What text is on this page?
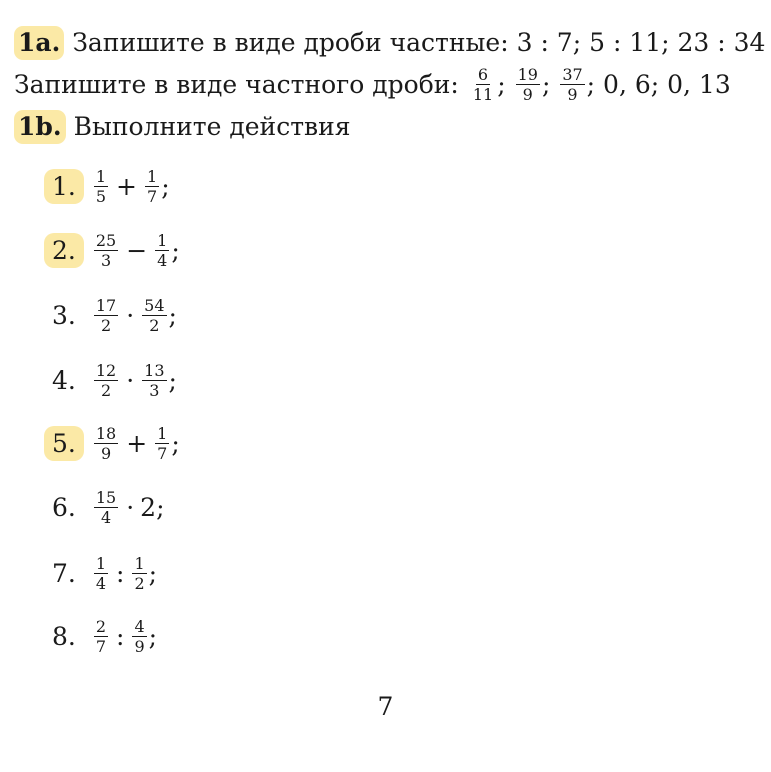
1a. Запишите в виде дроби частные: 3 : 7; 5 : 11; 23 : 34
Запишите в виде частного дроби: $\frac{6}{11}$ ; $\frac{19}{9}$ ; $\frac{37}{9}$ ; 0, 6; 0, 13
1b. Выполните действия
1.	$\frac{1}{5} + \frac{1}{7}$ ;
2.	$\frac{25}{3} - \frac{1}{4}$ ;
3.	$\frac{17}{2} \cdot \frac{54}{2}$ ;
4.	$\frac{12}{2} \cdot \frac{13}{3}$ ;
5.	$\frac{18}{9} + \frac{1}{7}$ ;
6.	$\frac{15}{4} \cdot 2$ ;
7.	$\frac{1}{4}$ : $\frac{1}{2}$ ;
8.	$\frac{2}{7}$ : $\frac{4}{9}$ ;
7
